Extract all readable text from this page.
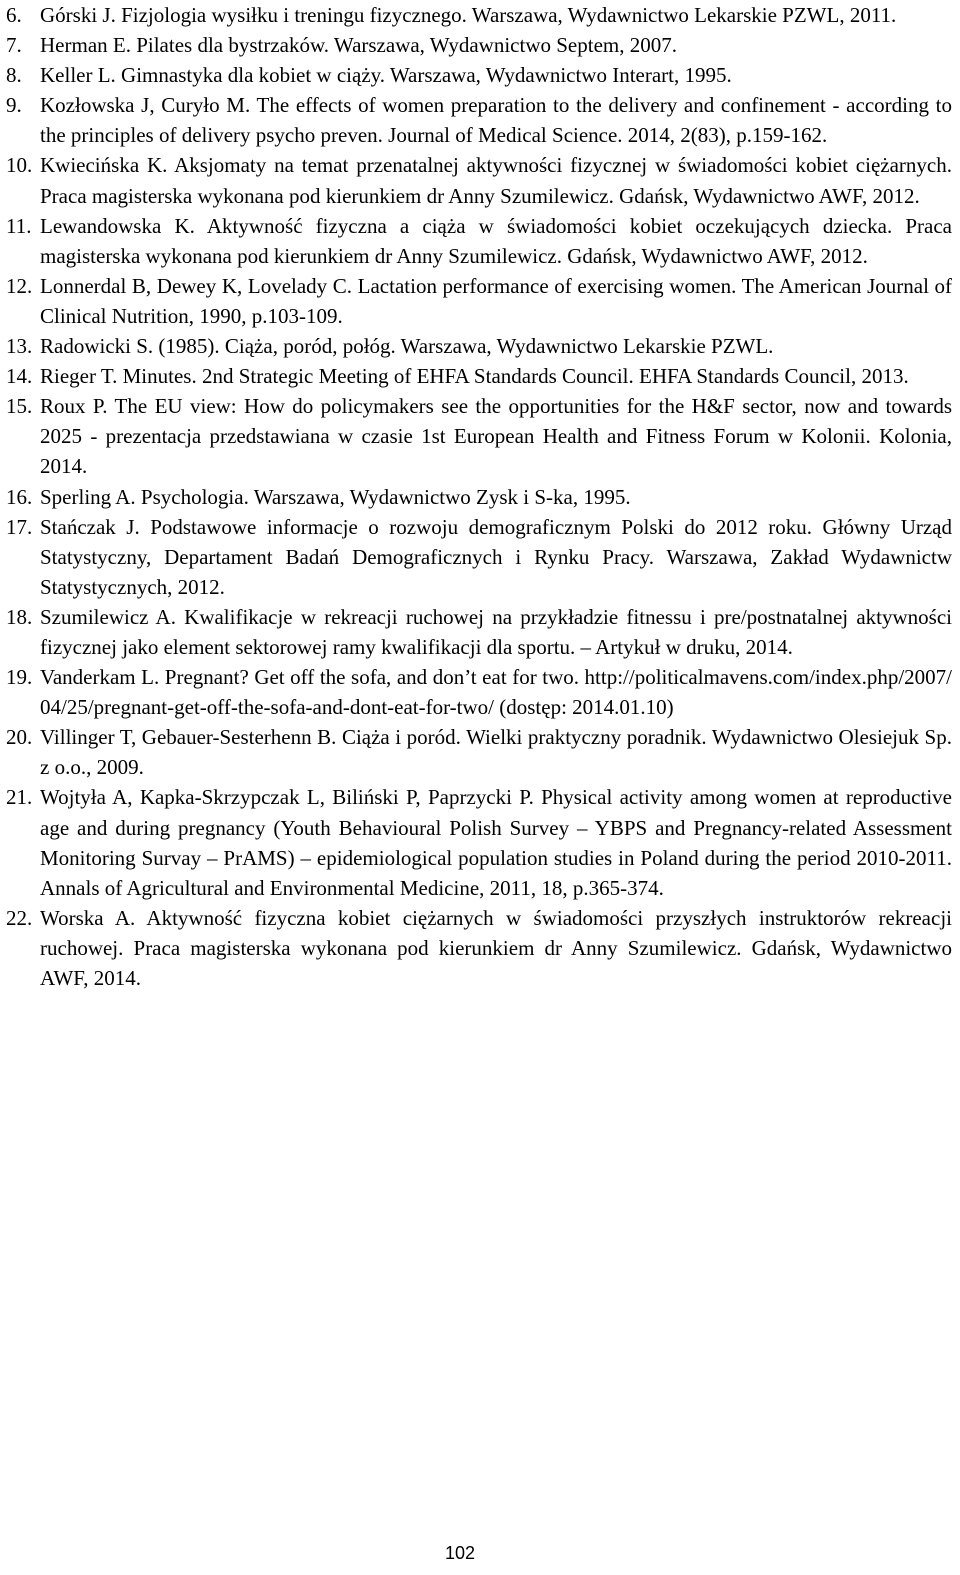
6. Górski J. Fizjologia wysiłku i treningu fizycznego. Warszawa, Wydawnictwo Lekarskie PZWL, 2011.
7. Herman E. Pilates dla bystrzaków. Warszawa, Wydawnictwo Septem, 2007.
8. Keller L. Gimnastyka dla kobiet w ciąży. Warszawa, Wydawnictwo Interart, 1995.
9. Kozłowska J, Curyło M. The effects of women preparation to the delivery and confinement - according to the principles of delivery psycho preven. Journal of Medical Science. 2014, 2(83), p.159-162.
10. Kwiecińska K. Aksjomaty na temat przenatalnej aktywności fizycznej w świadomości kobiet ciężarnych. Praca magisterska wykonana pod kierunkiem dr Anny Szumilewicz. Gdańsk, Wydawnictwo AWF, 2012.
11. Lewandowska K. Aktywność fizyczna a ciąża w świadomości kobiet oczekujących dziecka. Praca magisterska wykonana pod kierunkiem dr Anny Szumilewicz. Gdańsk, Wydawnictwo AWF, 2012.
12. Lonnerdal B, Dewey K, Lovelady C. Lactation performance of exercising women. The American Journal of Clinical Nutrition, 1990, p.103-109.
13. Radowicki S. (1985). Ciąża, poród, połóg. Warszawa, Wydawnictwo Lekarskie PZWL.
14. Rieger T. Minutes. 2nd Strategic Meeting of EHFA Standards Council. EHFA Standards Council, 2013.
15. Roux P. The EU view: How do policymakers see the opportunities for the H&F sector, now and towards 2025 - prezentacja przedstawiana w czasie 1st European Health and Fitness Forum w Kolonii. Kolonia, 2014.
16. Sperling A. Psychologia. Warszawa, Wydawnictwo Zysk i S-ka, 1995.
17. Stańczak J. Podstawowe informacje o rozwoju demograficznym Polski do 2012 roku. Główny Urząd Statystyczny, Departament Badań Demograficznych i Rynku Pracy. Warszawa, Zakład Wydawnictw Statystycznych, 2012.
18. Szumilewicz A. Kwalifikacje w rekreacji ruchowej na przykładzie fitnessu i pre/postnatalnej aktywności fizycznej jako element sektorowej ramy kwalifikacji dla sportu. – Artykuł w druku, 2014.
19. Vanderkam L. Pregnant? Get off the sofa, and don’t eat for two. http://politicalmavens.com/index.php/2007/04/25/pregnant-get-off-the-sofa-and-dont-eat-for-two/ (dostęp: 2014.01.10)
20. Villinger T, Gebauer-Sesterhenn B. Ciąża i poród. Wielki praktyczny poradnik. Wydawnictwo Olesiejuk Sp. z o.o., 2009.
21. Wojtyła A, Kapka-Skrzypczak L, Biliński P, Paprzycki P. Physical activity among women at reproductive age and during pregnancy (Youth Behavioural Polish Survey – YBPS and Pregnancy-related Assessment Monitoring Survay – PrAMS) – epidemiological population studies in Poland during the period 2010-2011. Annals of Agricultural and Environmental Medicine, 2011, 18, p.365-374.
22. Worska A. Aktywność fizyczna kobiet ciężarnych w świadomości przyszłych instruktorów rekreacji ruchowej. Praca magisterska wykonana pod kierunkiem dr Anny Szumilewicz. Gdańsk, Wydawnictwo AWF, 2014.
102
